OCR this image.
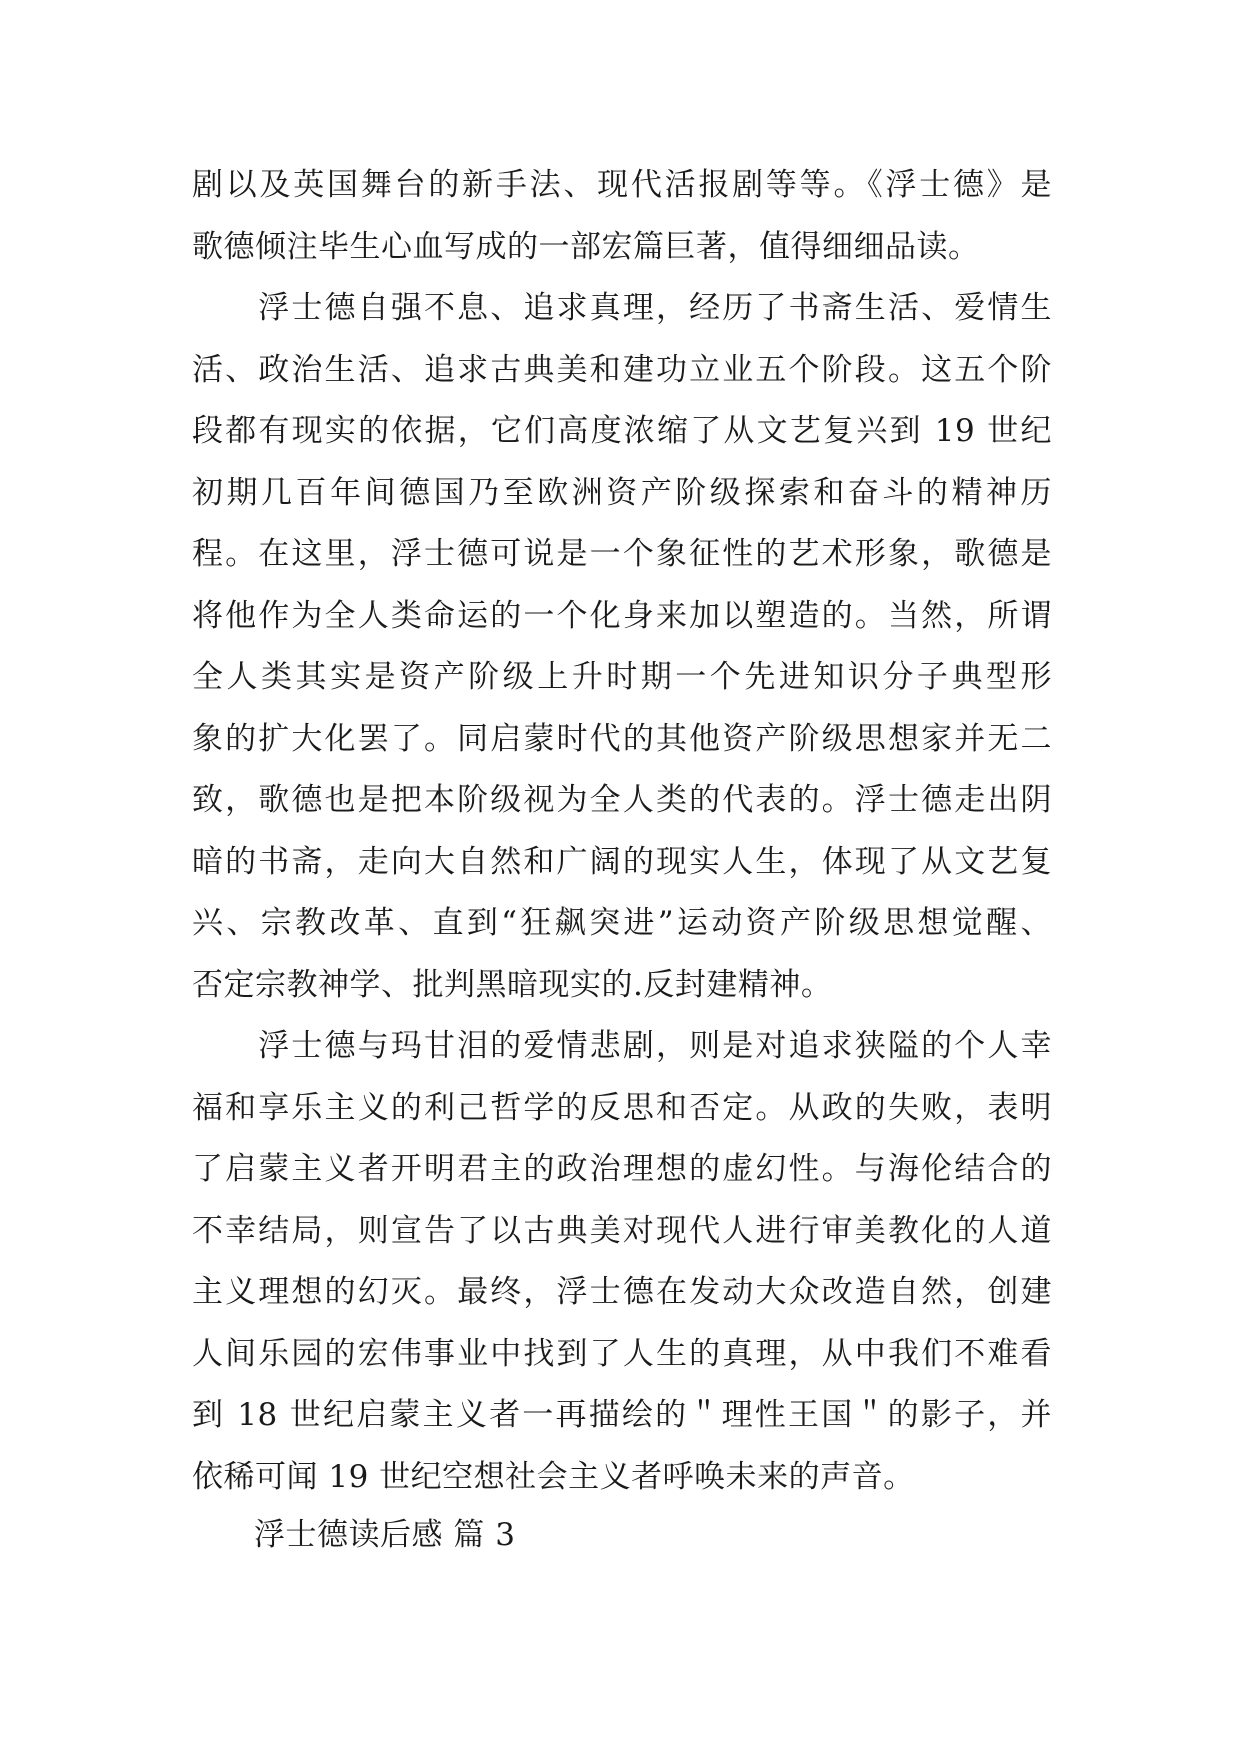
剧以及英国舞台的新手法、现代活报剧等等。《浮士德》是
歌德倾注毕生心血写成的一部宏篇巨著，值得细细品读。

　　浮士德自强不息、追求真理，经历了书斋生活、爱情生
活、政治生活、追求古典美和建功立业五个阶段。这五个阶
段都有现实的依据，它们高度浓缩了从文艺复兴到 19 世纪
初期几百年间德国乃至欧洲资产阶级探索和奋斗的精神历
程。在这里，浮士德可说是一个象征性的艺术形象，歌德是
将他作为全人类命运的一个化身来加以塑造的。当然，所谓
全人类其实是资产阶级上升时期一个先进知识分子典型形
象的扩大化罢了。同启蒙时代的其他资产阶级思想家并无二
致，歌德也是把本阶级视为全人类的代表的。浮士德走出阴
暗的书斋，走向大自然和广阔的现实人生，体现了从文艺复
兴、宗教改革、直到“狂飙突进”运动资产阶级思想觉醒、
否定宗教神学、批判黑暗现实的.反封建精神。

　　浮士德与玛甘泪的爱情悲剧，则是对追求狭隘的个人幸
福和享乐主义的利己哲学的反思和否定。从政的失败，表明
了启蒙主义者开明君主的政治理想的虚幻性。与海伦结合的
不幸结局，则宣告了以古典美对现代人进行审美教化的人道
主义理想的幻灭。最终，浮士德在发动大众改造自然，创建
人间乐园的宏伟事业中找到了人生的真理，从中我们不难看
到 18 世纪启蒙主义者一再描绘的＂理性王国＂的影子，并
依稀可闻 19 世纪空想社会主义者呼唤未来的声音。

浮士德读后感 篇 3
